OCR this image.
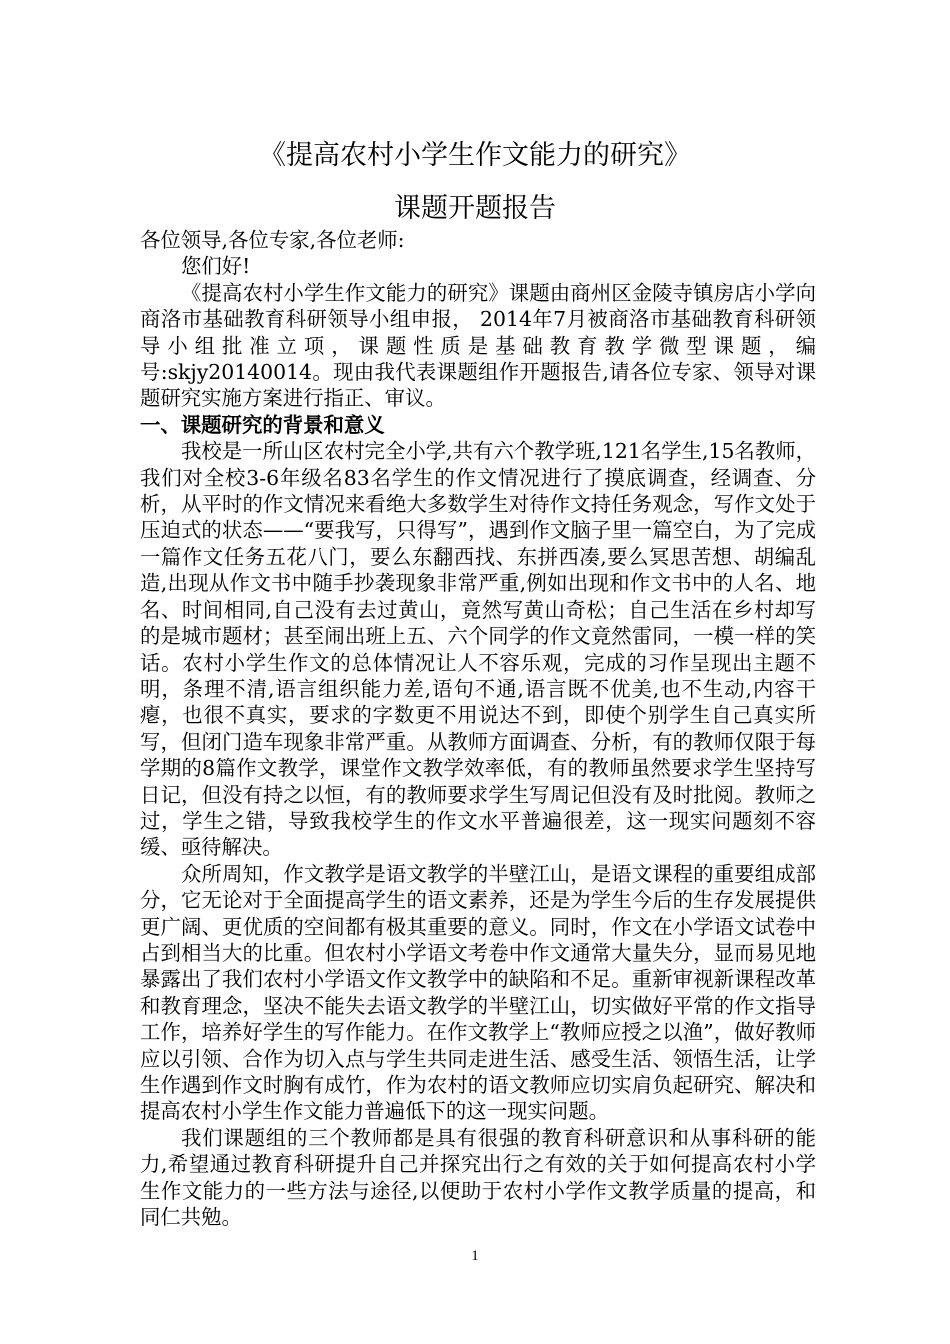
《提高农村小学生作文能力的研究》
课题开题报告

各位领导,各位专家,各位老师:

您们好!

《提高农村小学生作文能力的研究》课题由商州区金陵寺镇房店小学向商洛市基础教育科研领导小组申报， 2014年7月被商洛市基础教育科研领导小组批准立项，课题性质是基础教育教学微型课题，编号:skjy20140014。现由我代表课题组作开题报告,请各位专家、领导对课题研究实施方案进行指正、审议。

一、课题研究的背景和意义

我校是一所山区农村完全小学,共有六个教学班,121名学生,15名教师，我们对全校3-6年级名83名学生的作文情况进行了摸底调查，经调查、分析，从平时的作文情况来看绝大多数学生对待作文持任务观念，写作文处于压迫式的状态——“要我写，只得写”，遇到作文脑子里一篇空白，为了完成一篇作文任务五花八门，要么东翻西找、东拼西凑,要么冥思苦想、胡编乱造,出现从作文书中随手抄袭现象非常严重,例如出现和作文书中的人名、地名、时间相同,自己没有去过黄山，竟然写黄山奇松；自己生活在乡村却写的是城市题材；甚至闹出班上五、六个同学的作文竟然雷同，一模一样的笑话。农村小学生作文的总体情况让人不容乐观，完成的习作呈现出主题不明，条理不清,语言组织能力差,语句不通,语言既不优美,也不生动,内容干瘪，也很不真实，要求的字数更不用说达不到，即使个别学生自己真实所写，但闭门造车现象非常严重。从教师方面调查、分析，有的教师仅限于每学期的8篇作文教学，课堂作文教学效率低，有的教师虽然要求学生坚持写日记，但没有持之以恒，有的教师要求学生写周记但没有及时批阅。教师之过，学生之错，导致我校学生的作文水平普遍很差，这一现实问题刻不容缓、亟待解决。

众所周知，作文教学是语文教学的半壁江山，是语文课程的重要组成部分，它无论对于全面提高学生的语文素养，还是为学生今后的生存发展提供更广阔、更优质的空间都有极其重要的意义。同时，作文在小学语文试卷中占到相当大的比重。但农村小学语文考卷中作文通常大量失分，显而易见地暴露出了我们农村小学语文作文教学中的缺陷和不足。重新审视新课程改革和教育理念，坚决不能失去语文教学的半壁江山，切实做好平常的作文指导工作，培养好学生的写作能力。在作文教学上“教师应授之以渔”，做好教师应以引领、合作为切入点与学生共同走进生活、感受生活、领悟生活，让学生作遇到作文时胸有成竹，作为农村的语文教师应切实肩负起研究、解决和提高农村小学生作文能力普遍低下的这一现实问题。

我们课题组的三个教师都是具有很强的教育科研意识和从事科研的能力,希望通过教育科研提升自己并探究出行之有效的关于如何提高农村小学生作文能力的一些方法与途径,以便助于农村小学作文教学质量的提高，和同仁共勉。

1
